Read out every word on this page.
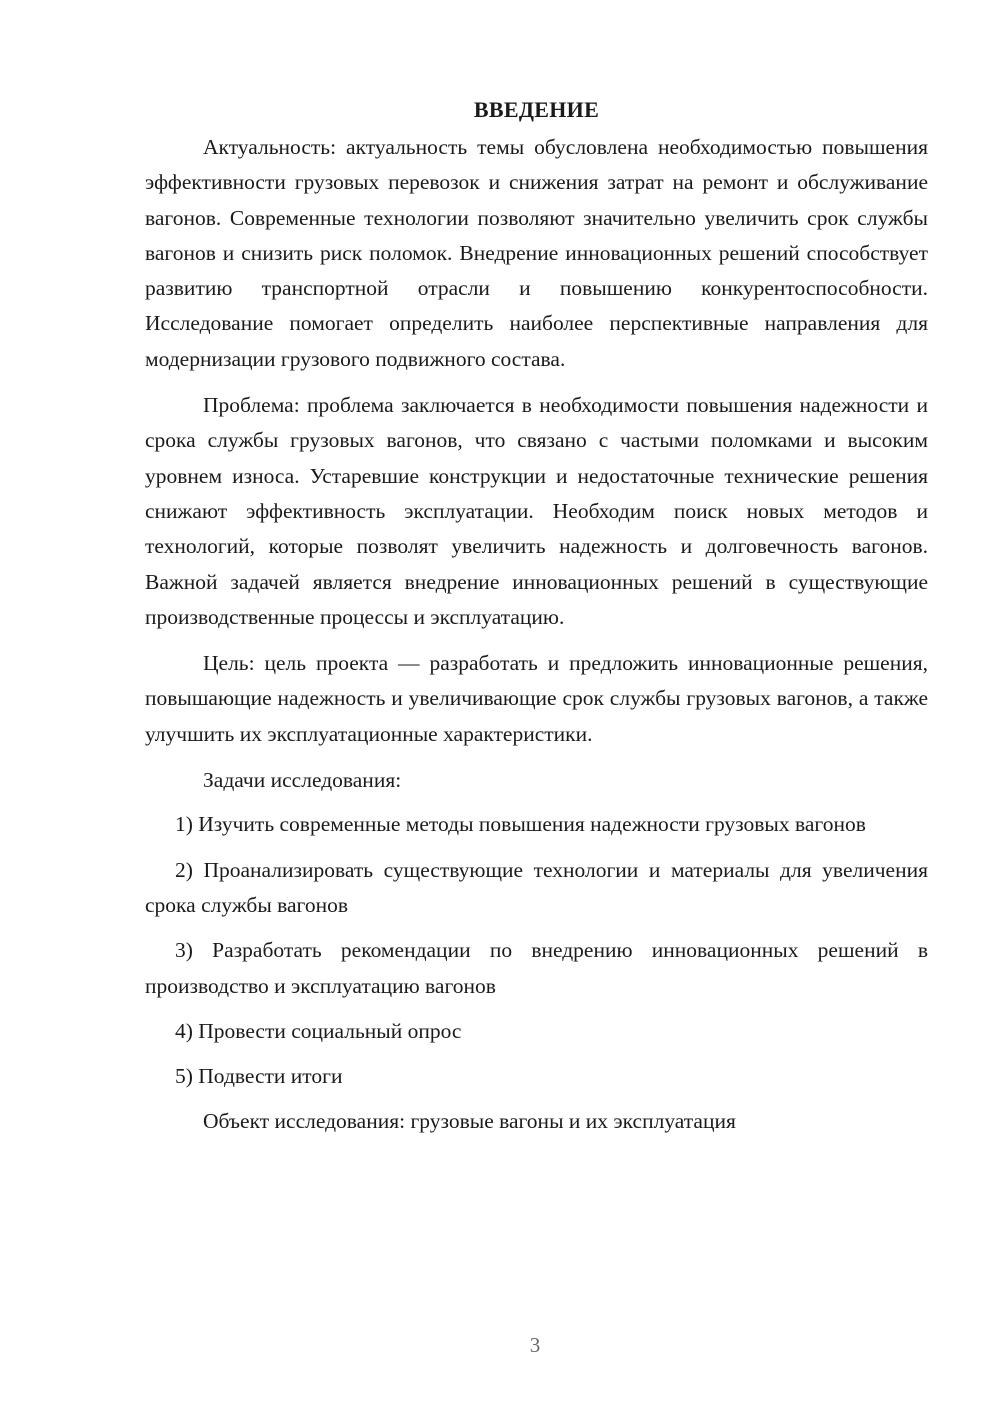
ВВЕДЕНИЕ

Актуальность: актуальность темы обусловлена необходимостью повышения эффективности грузовых перевозок и снижения затрат на ремонт и обслуживание вагонов. Современные технологии позволяют значительно увеличить срок службы вагонов и снизить риск поломок. Внедрение инновационных решений способствует развитию транспортной отрасли и повышению конкурентоспособности. Исследование помогает определить наиболее перспективные направления для модернизации грузового подвижного состава.

Проблема: проблема заключается в необходимости повышения надежности и срока службы грузовых вагонов, что связано с частыми поломками и высоким уровнем износа. Устаревшие конструкции и недостаточные технические решения снижают эффективность эксплуатации. Необходим поиск новых методов и технологий, которые позволят увеличить надежность и долговечность вагонов. Важной задачей является внедрение инновационных решений в существующие производственные процессы и эксплуатацию.

Цель: цель проекта — разработать и предложить инновационные решения, повышающие надежность и увеличивающие срок службы грузовых вагонов, а также улучшить их эксплуатационные характеристики.

Задачи исследования:

1) Изучить современные методы повышения надежности грузовых вагонов

2) Проанализировать существующие технологии и материалы для увеличения срока службы вагонов

3) Разработать рекомендации по внедрению инновационных решений в производство и эксплуатацию вагонов

4) Провести социальный опрос

5) Подвести итоги

Объект исследования: грузовые вагоны и их эксплуатация

3
